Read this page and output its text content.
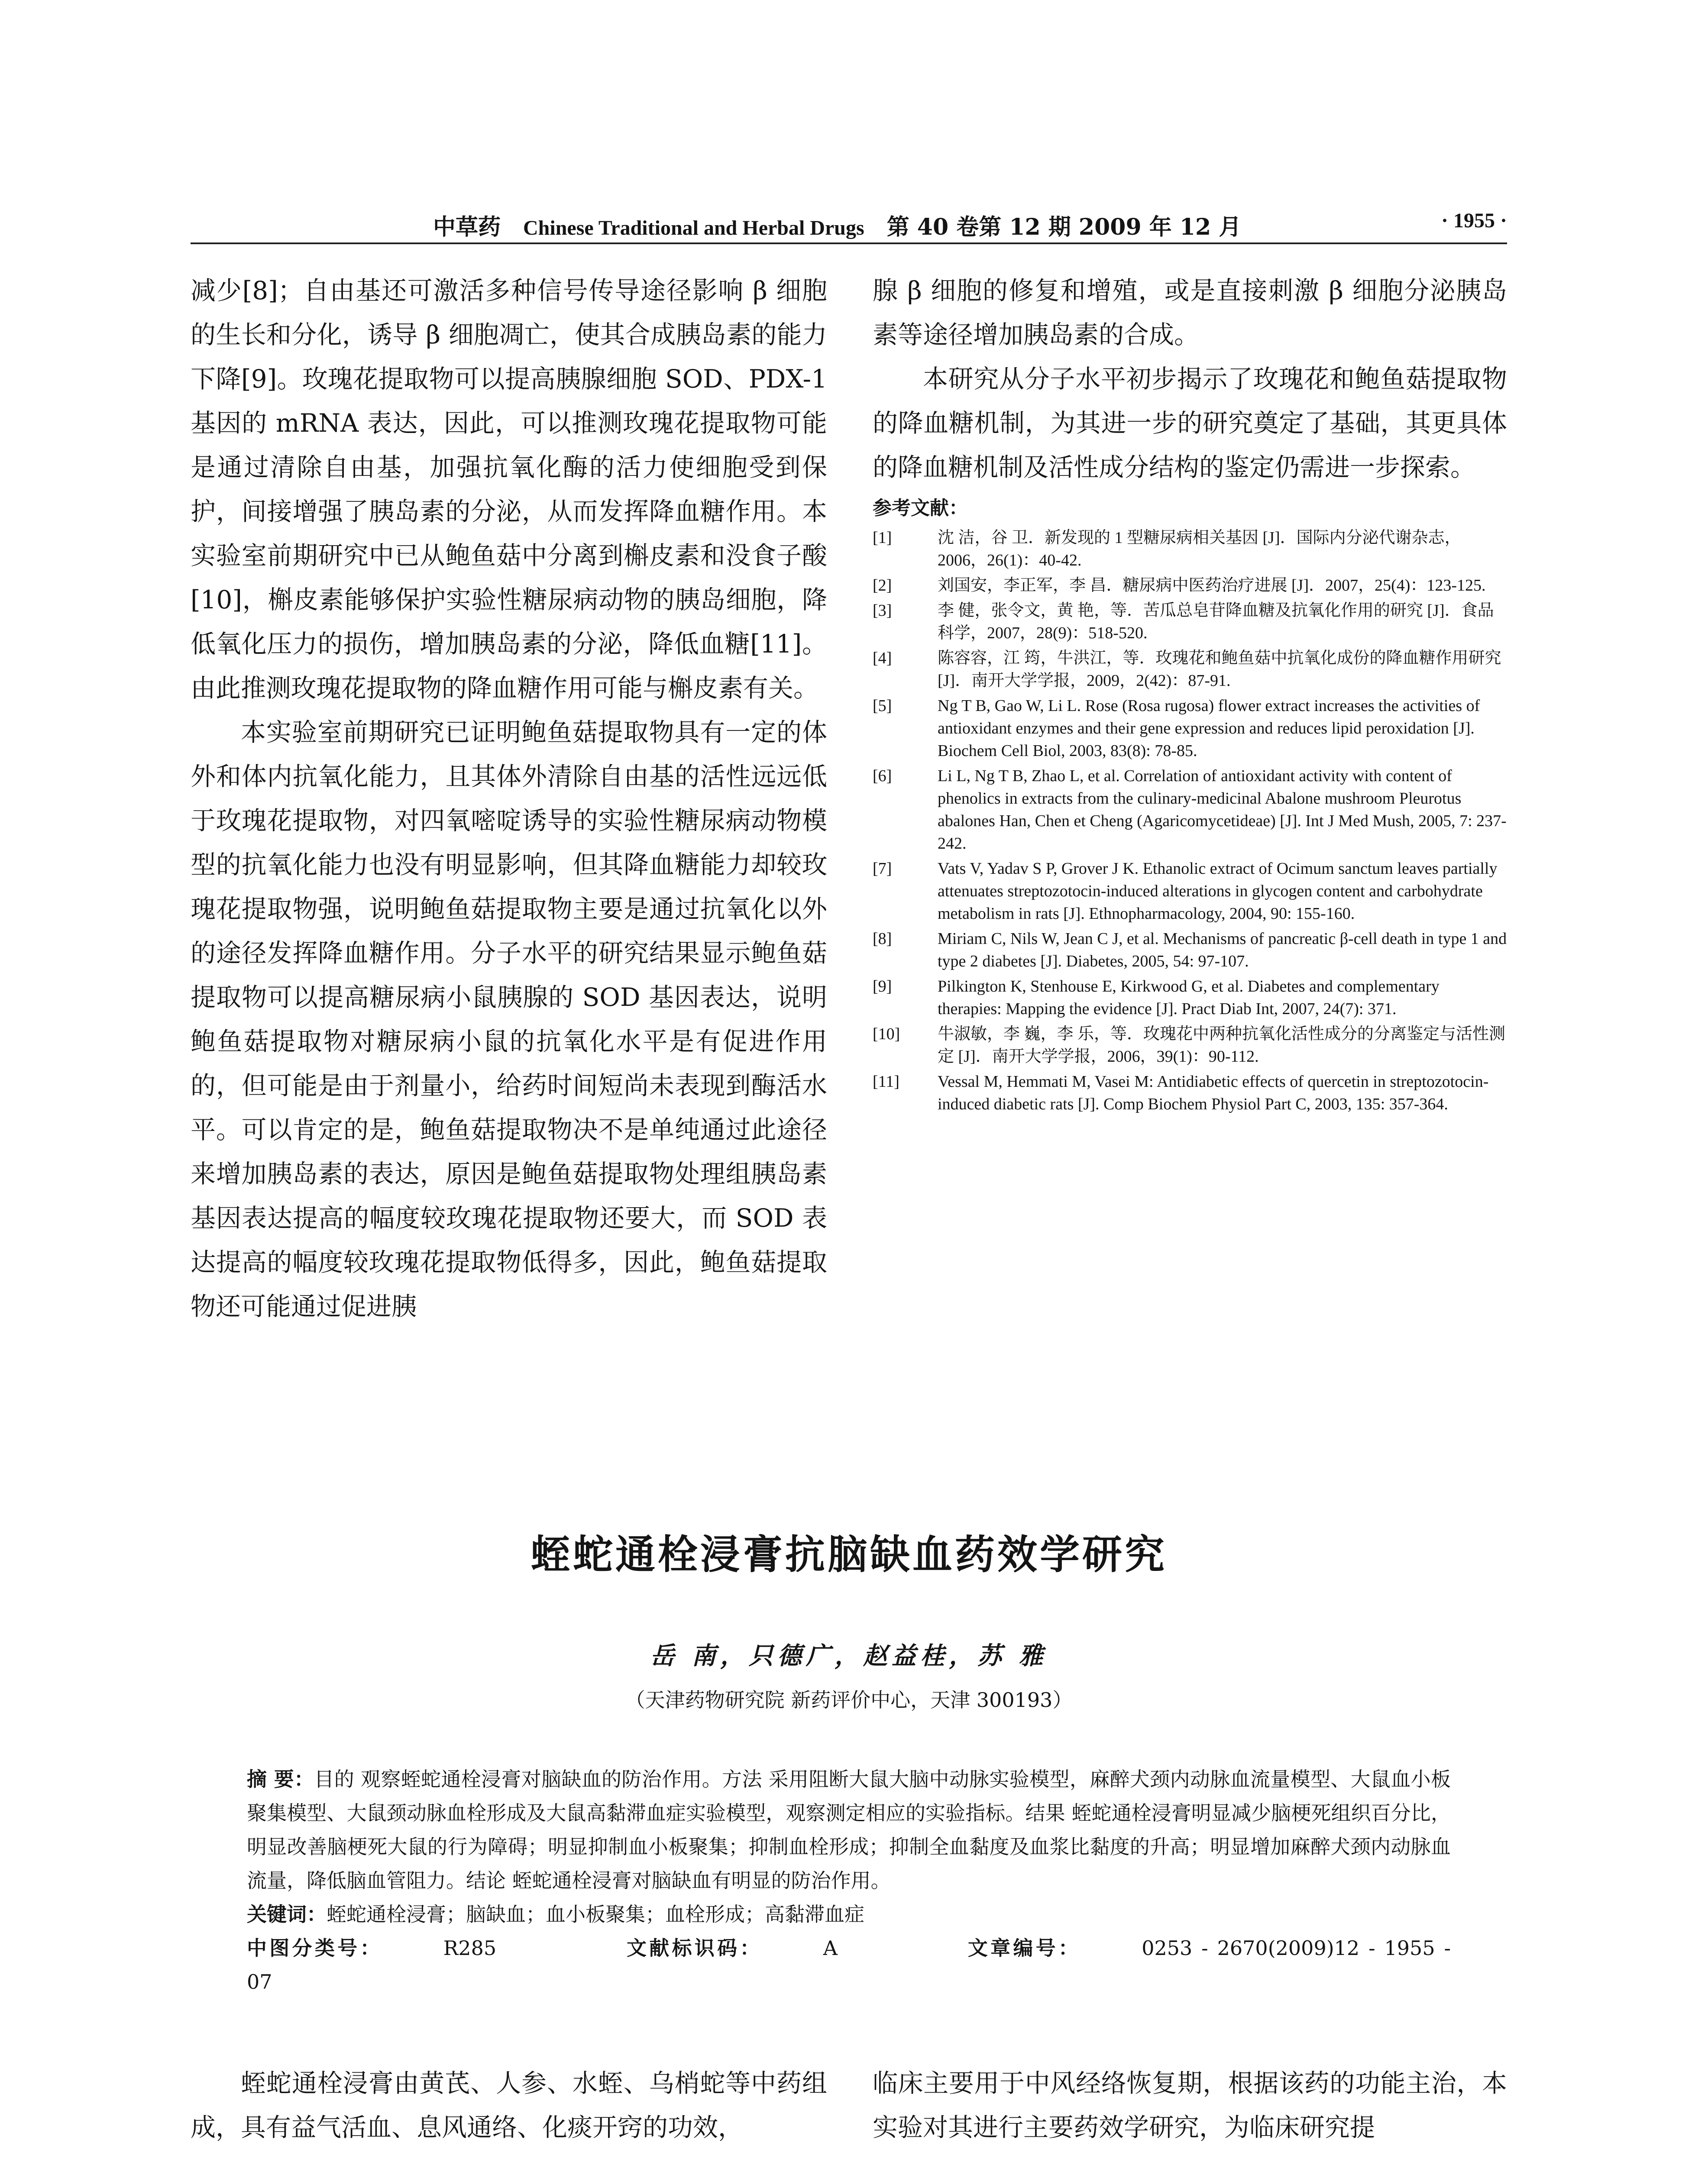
中草药 Chinese Traditional and Herbal Drugs 第 40 卷第 12 期 2009 年 12 月	· 1955 ·

减少[8]；自由基还可激活多种信号传导途径影响 β 细胞的生长和分化，诱导 β 细胞凋亡，使其合成胰岛素的能力下降[9]。玫瑰花提取物可以提高胰腺细胞 SOD、PDX-1 基因的 mRNA 表达，因此，可以推测玫瑰花提取物可能是通过清除自由基，加强抗氧化酶的活力使细胞受到保护，间接增强了胰岛素的分泌，从而发挥降血糖作用。本实验室前期研究中已从鲍鱼菇中分离到槲皮素和没食子酸[10]，槲皮素能够保护实验性糖尿病动物的胰岛细胞，降低氧化压力的损伤，增加胰岛素的分泌，降低血糖[11]。由此推测玫瑰花提取物的降血糖作用可能与槲皮素有关。

本实验室前期研究已证明鲍鱼菇提取物具有一定的体外和体内抗氧化能力，且其体外清除自由基的活性远远低于玫瑰花提取物，对四氧嘧啶诱导的实验性糖尿病动物模型的抗氧化能力也没有明显影响，但其降血糖能力却较玫瑰花提取物强，说明鲍鱼菇提取物主要是通过抗氧化以外的途径发挥降血糖作用。分子水平的研究结果显示鲍鱼菇提取物可以提高糖尿病小鼠胰腺的 SOD 基因表达，说明鲍鱼菇提取物对糖尿病小鼠的抗氧化水平是有促进作用的，但可能是由于剂量小，给药时间短尚未表现到酶活水平。可以肯定的是，鲍鱼菇提取物决不是单纯通过此途径来增加胰岛素的表达，原因是鲍鱼菇提取物处理组胰岛素基因表达提高的幅度较玫瑰花提取物还要大，而 SOD 表达提高的幅度较玫瑰花提取物低得多，因此，鲍鱼菇提取物还可能通过促进胰

腺 β 细胞的修复和增殖，或是直接刺激 β 细胞分泌胰岛素等途径增加胰岛素的合成。

本研究从分子水平初步揭示了玫瑰花和鲍鱼菇提取物的降血糖机制，为其进一步的研究奠定了基础，其更具体的降血糖机制及活性成分结构的鉴定仍需进一步探索。

参考文献：
[1]	沈 洁，谷 卫．新发现的 1 型糖尿病相关基因 [J]．国际内分泌代谢杂志，2006，26(1)：40-42.
[2]	刘国安，李正军，李 昌．糖尿病中医药治疗进展 [J]．2007，25(4)：123-125.
[3]	李 健，张令文，黄 艳，等．苦瓜总皂苷降血糖及抗氧化作用的研究 [J]．食品科学，2007，28(9)：518-520.
[4]	陈容容，江 筠，牛洪江，等．玫瑰花和鲍鱼菇中抗氧化成份的降血糖作用研究 [J]．南开大学学报，2009，2(42)：87-91.
[5]	Ng T B, Gao W, Li L. Rose (Rosa rugosa) flower extract increases the activities of antioxidant enzymes and their gene expression and reduces lipid peroxidation [J]. Biochem Cell Biol, 2003, 83(8): 78-85.
[6]	Li L, Ng T B, Zhao L, et al. Correlation of antioxidant activity with content of phenolics in extracts from the culinary-medicinal Abalone mushroom Pleurotus abalones Han, Chen et Cheng (Agaricomycetideae) [J]. Int J Med Mush, 2005, 7: 237-242.
[7]	Vats V, Yadav S P, Grover J K. Ethanolic extract of Ocimum sanctum leaves partially attenuates streptozotocin-induced alterations in glycogen content and carbohydrate metabolism in rats [J]. Ethnopharmacology, 2004, 90: 155-160.
[8]	Miriam C, Nils W, Jean C J, et al. Mechanisms of pancreatic β-cell death in type 1 and type 2 diabetes [J]. Diabetes, 2005, 54: 97-107.
[9]	Pilkington K, Stenhouse E, Kirkwood G, et al. Diabetes and complementary therapies: Mapping the evidence [J]. Pract Diab Int, 2007, 24(7): 371.
[10]	牛淑敏，李 巍，李 乐，等．玫瑰花中两种抗氧化活性成分的分离鉴定与活性测定 [J]．南开大学学报，2006，39(1)：90-112.
[11]	Vessal M, Hemmati M, Vasei M: Antidiabetic effects of quercetin in streptozotocin-induced diabetic rats [J]. Comp Biochem Physiol Part C, 2003, 135: 357-364.
蛭蛇通栓浸膏抗脑缺血药效学研究
岳 南，只德广，赵益桂，苏 雅
（天津药物研究院 新药评价中心，天津 300193）
摘 要：目的 观察蛭蛇通栓浸膏对脑缺血的防治作用。方法 采用阻断大鼠大脑中动脉实验模型，麻醉犬颈内动脉血流量模型、大鼠血小板聚集模型、大鼠颈动脉血栓形成及大鼠高黏滞血症实验模型，观察测定相应的实验指标。结果 蛭蛇通栓浸膏明显减少脑梗死组织百分比，明显改善脑梗死大鼠的行为障碍；明显抑制血小板聚集；抑制血栓形成；抑制全血黏度及血浆比黏度的升高；明显增加麻醉犬颈内动脉血流量，降低脑血管阻力。结论 蛭蛇通栓浸膏对脑缺血有明显的防治作用。
关键词：蛭蛇通栓浸膏；脑缺血；血小板聚集；血栓形成；高黏滞血症
中图分类号：	R285	文献标识码：	A	文章编号：	0253 - 2670(2009)12 - 1955 - 07

蛭蛇通栓浸膏由黄芪、人参、水蛭、乌梢蛇等中药组成，具有益气活血、息风通络、化痰开窍的功效，

临床主要用于中风经络恢复期，根据该药的功能主治，本实验对其进行主要药效学研究，为临床研究提
